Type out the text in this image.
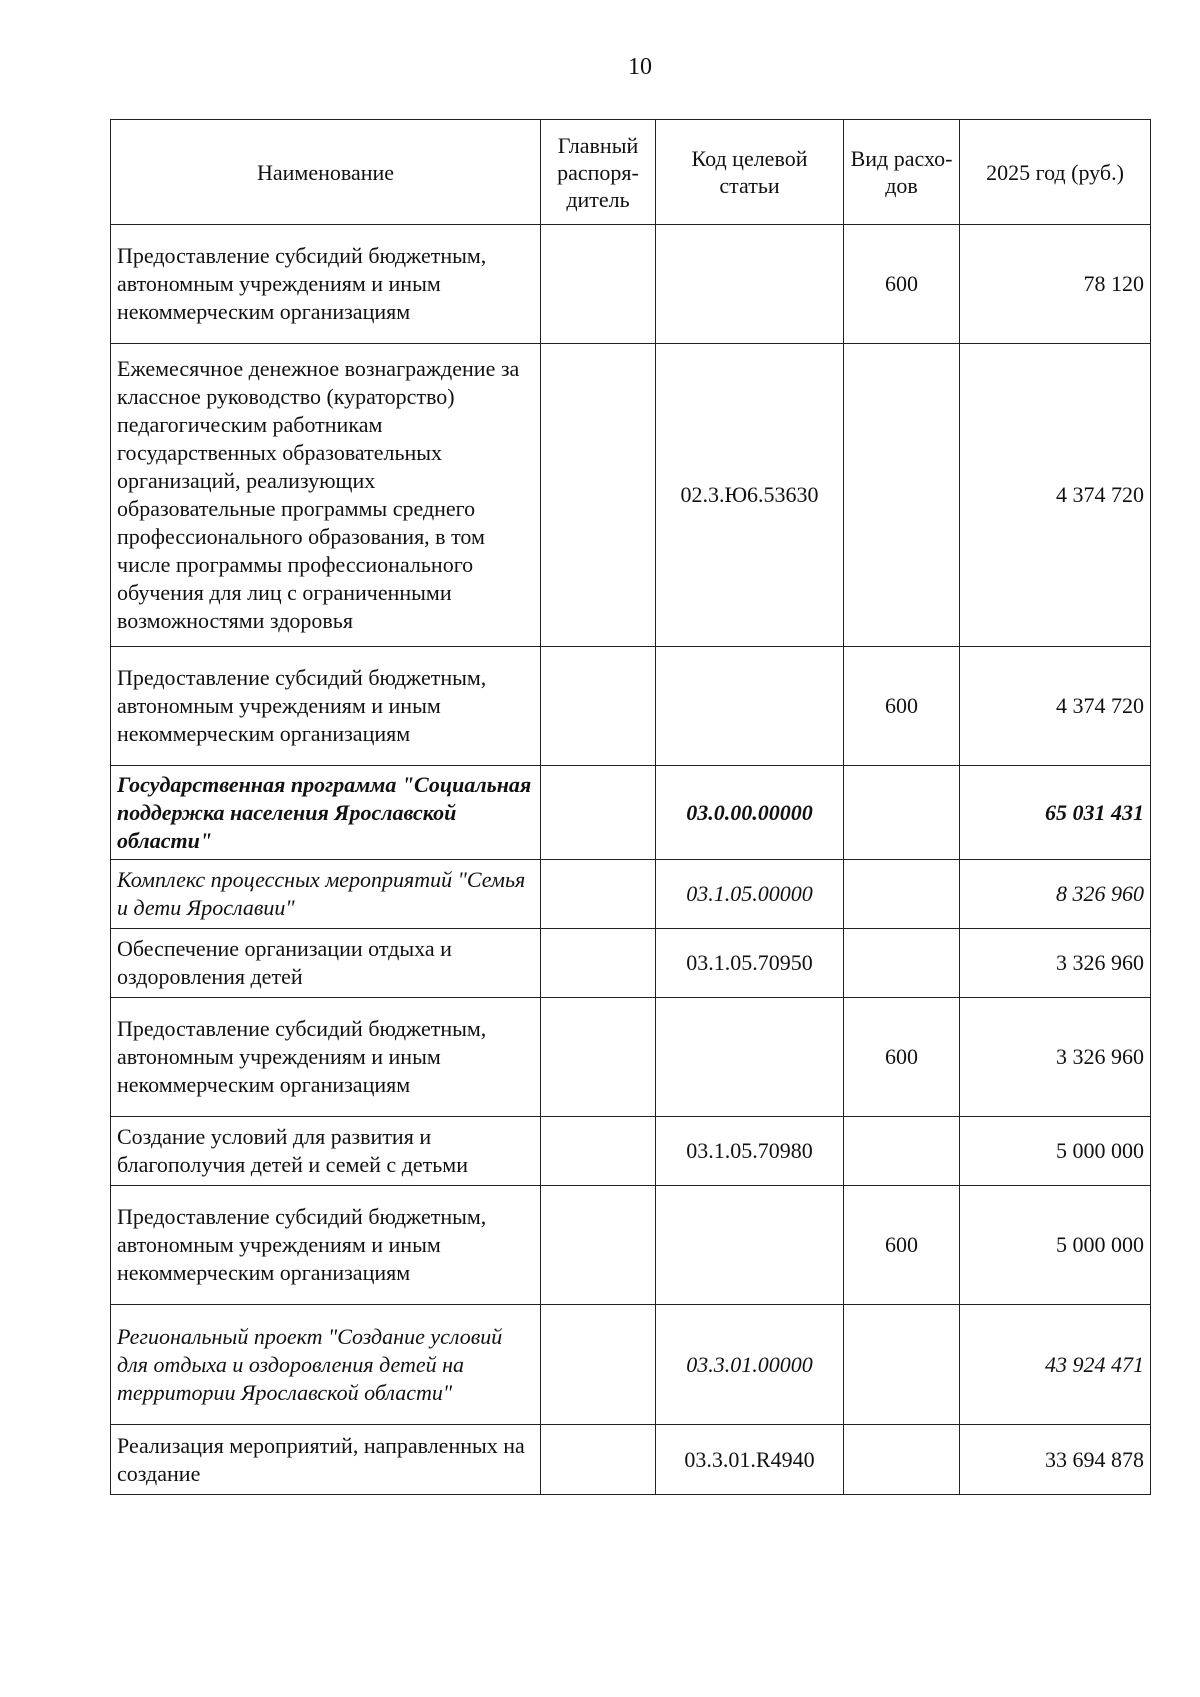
10
Наименование	Главный распоря-дитель	Код целевой статьи	Вид расхо-дов	2025 год (руб.)
Предоставление субсидий бюджетным, автономным учреждениям и иным некоммерческим организациям			600	78 120
Ежемесячное денежное вознаграждение за классное руководство (кураторство) педагогическим работникам государственных образовательных организаций, реализующих образовательные программы среднего профессионального образования, в том числе программы профессионального обучения для лиц с ограниченными возможностями здоровья		02.3.Ю6.53630		4 374 720
Предоставление субсидий бюджетным, автономным учреждениям и иным некоммерческим организациям			600	4 374 720
Государственная программа "Социальная поддержка населения Ярославской области"		03.0.00.00000		65 031 431
Комплекс процессных мероприятий "Семья и дети Ярославии"		03.1.05.00000		8 326 960
Обеспечение организации отдыха и оздоровления детей		03.1.05.70950		3 326 960
Предоставление субсидий бюджетным, автономным учреждениям и иным некоммерческим организациям			600	3 326 960
Создание условий для развития и благополучия детей и семей с детьми		03.1.05.70980		5 000 000
Предоставление субсидий бюджетным, автономным учреждениям и иным некоммерческим организациям			600	5 000 000
Региональный проект "Создание условий для отдыха и оздоровления детей на территории Ярославской области"		03.3.01.00000		43 924 471
Реализация мероприятий, направленных на создание		03.3.01.R4940		33 694 878
